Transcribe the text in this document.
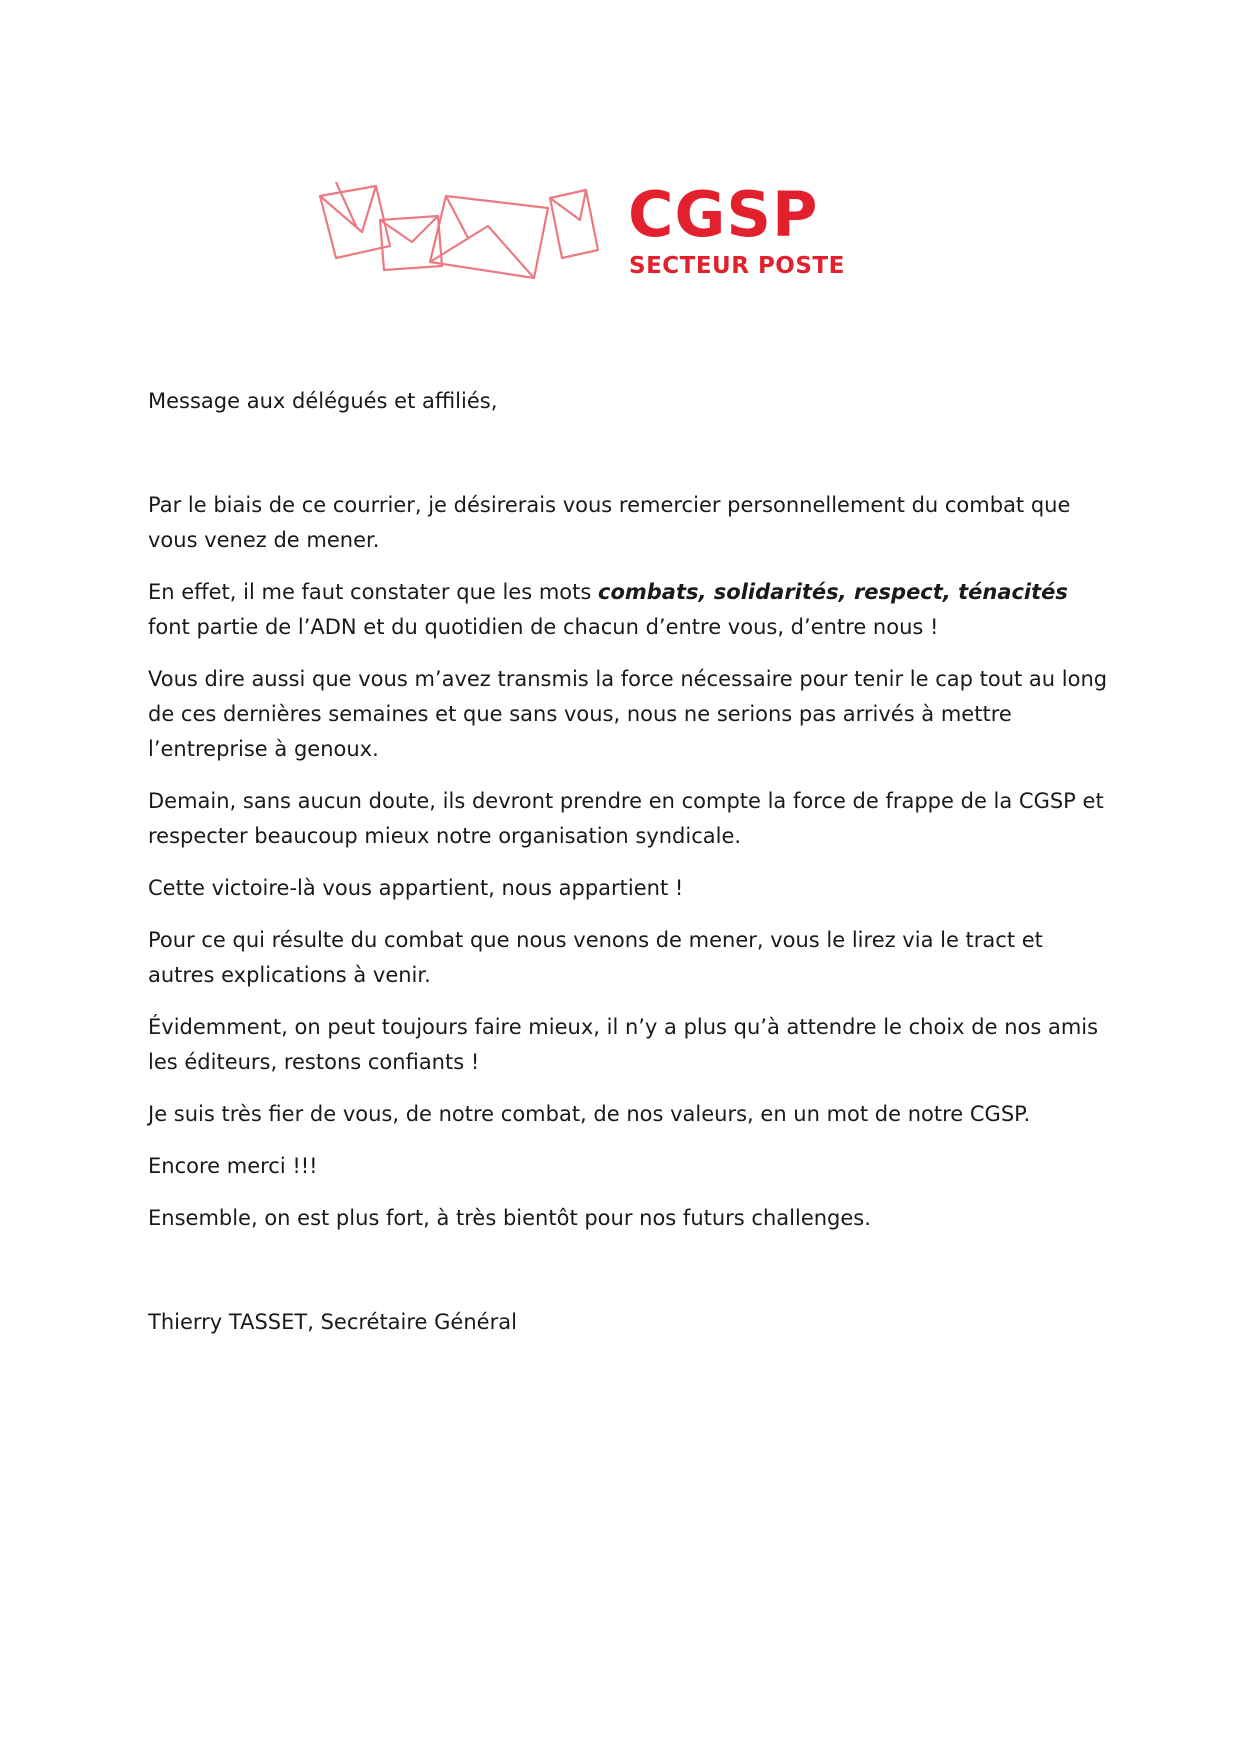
CGSP
SECTEUR POSTE

Message aux délégués et affiliés,

Par le biais de ce courrier, je désirerais vous remercier personnellement du combat que vous venez de mener.

En effet, il me faut constater que les mots combats, solidarités, respect, ténacités font partie de l’ADN et du quotidien de chacun d’entre vous, d’entre nous !

Vous dire aussi que vous m’avez transmis la force nécessaire pour tenir le cap tout au long de ces dernières semaines et que sans vous, nous ne serions pas arrivés à mettre l’entreprise à genoux.

Demain, sans aucun doute, ils devront prendre en compte la force de frappe de la CGSP et respecter beaucoup mieux notre organisation syndicale.

Cette victoire-là vous appartient, nous appartient !

Pour ce qui résulte du combat que nous venons de mener, vous le lirez via le tract et autres explications à venir.

Évidemment, on peut toujours faire mieux, il n’y a plus qu’à attendre le choix de nos amis les éditeurs, restons confiants !

Je suis très fier de vous, de notre combat, de nos valeurs, en un mot de notre CGSP.

Encore merci !!!

Ensemble, on est plus fort, à très bientôt pour nos futurs challenges.

Thierry TASSET, Secrétaire Général
